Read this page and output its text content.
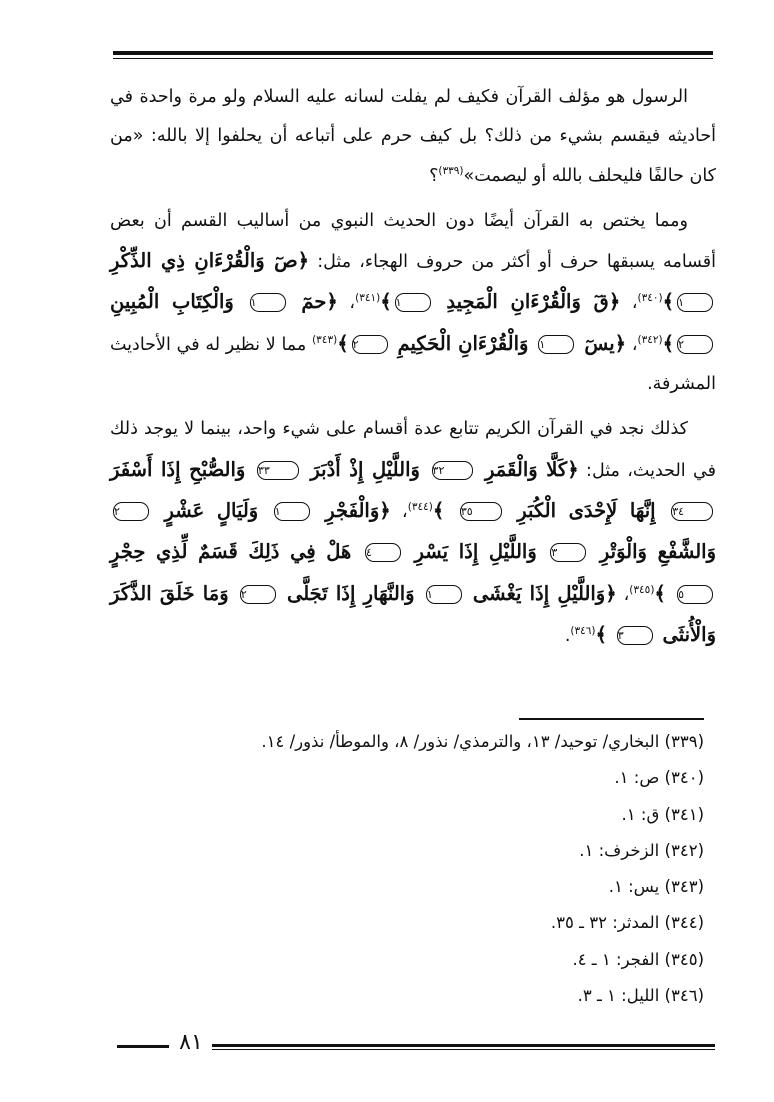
الرسول هو مؤلف القرآن فكيف لم يفلت لسانه عليه السلام ولو مرة واحدة في أحاديثه فيقسم بشيء من ذلك؟ بل كيف حرم على أتباعه أن يحلفوا إلا بالله: «من كان حالفًا فليحلف بالله أو ليصمت»$^{(٣٣٩)}$؟

ومما يختص به القرآن أيضًا دون الحديث النبوي من أساليب القسم أن بعض أقسامه يسبقها حرف أو أكثر من حروف الهجاء، مثل: ﴿صٓ وَالْقُرْءَانِ ذِي الذِّكْرِ ١﴾$^{(٣٤٠)}$، ﴿قٓ وَالْقُرْءَانِ الْمَجِيدِ ١﴾$^{(٣٤١)}$، ﴿حمٓ ١ وَالْكِتَابِ الْمُبِينِ ٢﴾$^{(٣٤٢)}$، ﴿يسٓ ١ وَالْقُرْءَانِ الْحَكِيمِ ٢﴾$^{(٣٤٣)}$ مما لا نظير له في الأحاديث المشرفة.

كذلك نجد في القرآن الكريم تتابع عدة أقسام على شيء واحد، بينما لا يوجد ذلك في الحديث، مثل: ﴿كَلَّا وَالْقَمَرِ ٣٢ وَاللَّيْلِ إِذْ أَدْبَرَ ٣٣ وَالصُّبْحِ إِذَا أَسْفَرَ ٣٤ إِنَّهَا لَإِحْدَى الْكُبَرِ ٣٥ ﴾$^{(٣٤٤)}$، ﴿وَالْفَجْرِ ١ وَلَيَالٍ عَشْرٍ ٢ وَالشَّفْعِ وَالْوَتْرِ ٣ وَاللَّيْلِ إِذَا يَسْرِ ٤ هَلْ فِي ذَلِكَ قَسَمٌ لِّذِي حِجْرٍ ٥ ﴾$^{(٣٤٥)}$، ﴿وَاللَّيْلِ إِذَا يَغْشَى ١ وَالنَّهَارِ إِذَا تَجَلَّى ٢ وَمَا خَلَقَ الذَّكَرَ وَالْأُنثَى ٣ ﴾$^{(٣٤٦)}$.

(٣٣٩) البخاري/ توحيد/ ١٣، والترمذي/ نذور/ ٨، والموطأ/ نذور/ ١٤.
(٣٤٠) ص: ١.
(٣٤١) ق: ١.
(٣٤٢) الزخرف: ١.
(٣٤٣) يس: ١.
(٣٤٤) المدثر: ٣٢ ـ ٣٥.
(٣٤٥) الفجر: ١ ـ ٤.
(٣٤٦) الليل: ١ ـ ٣.
٨١
